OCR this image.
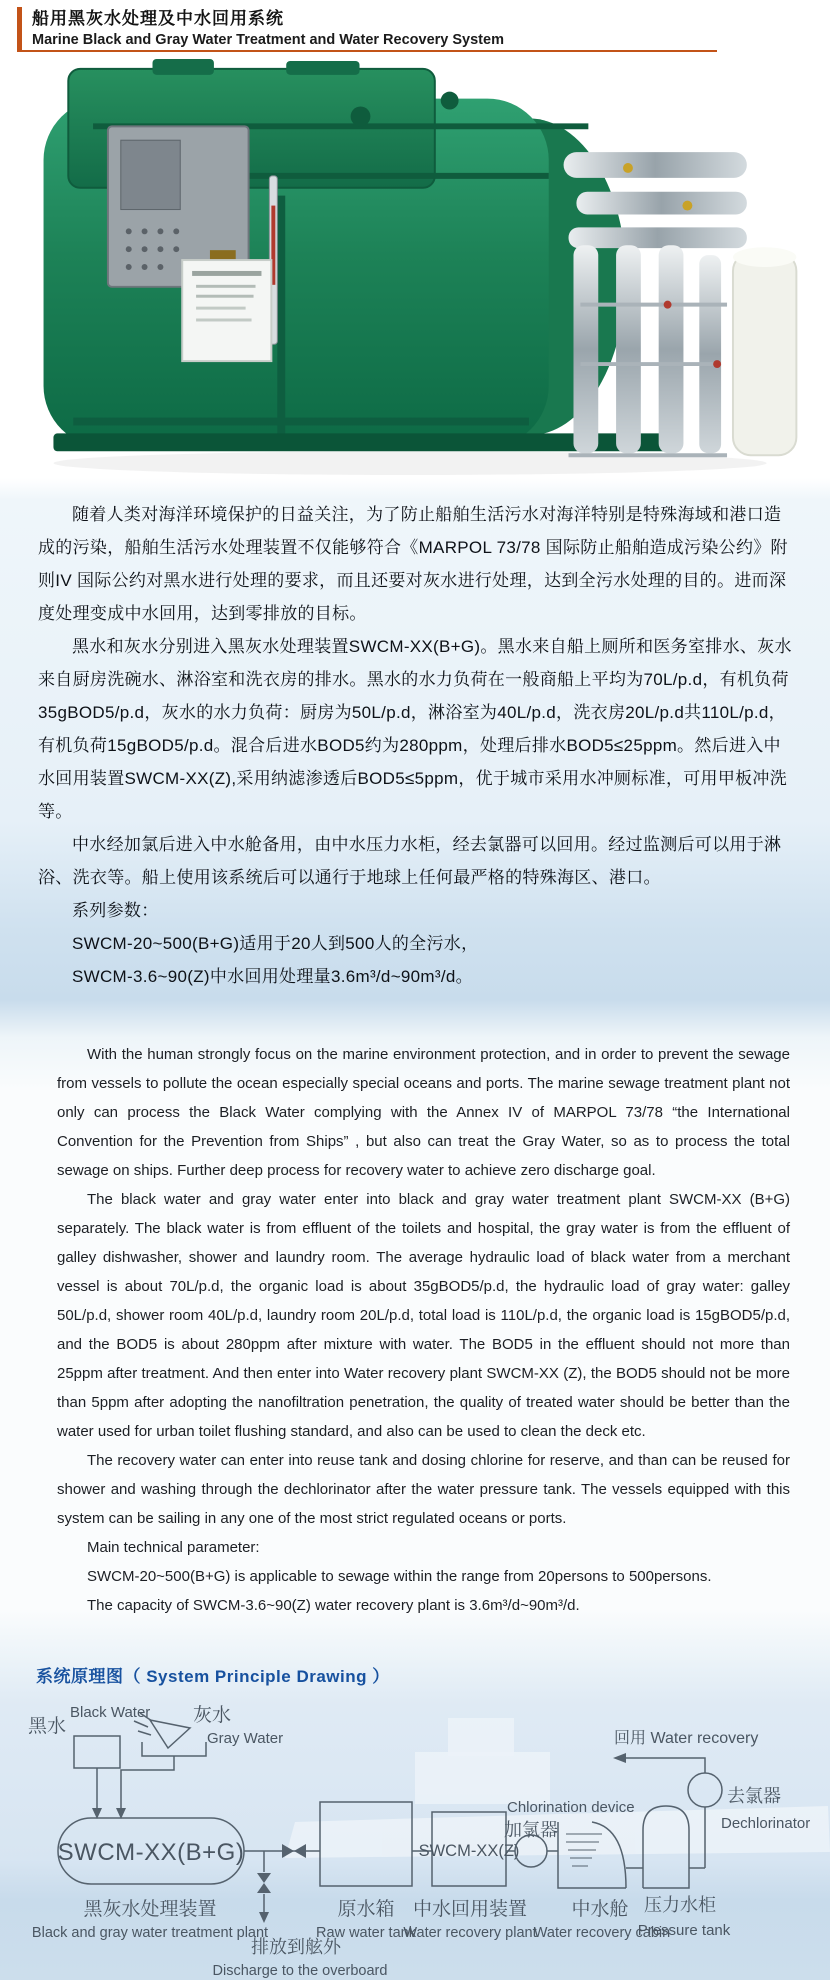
船用黑灰水处理及中水回用系统
Marine Black and Gray Water Treatment and Water Recovery System

随着人类对海洋环境保护的日益关注，为了防止船舶生活污水对海洋特别是特殊海域和港口造成的污染，船舶生活污水处理装置不仅能够符合《MARPOL 73/78 国际防止船舶造成污染公约》附则IV 国际公约对黑水进行处理的要求，而且还要对灰水进行处理，达到全污水处理的目的。进而深度处理变成中水回用，达到零排放的目标。

黑水和灰水分别进入黑灰水处理装置SWCM-XX(B+G)。黑水来自船上厕所和医务室排水、灰水来自厨房洗碗水、淋浴室和洗衣房的排水。黑水的水力负荷在一般商船上平均为70L/p.d，有机负荷35gBOD5/p.d，灰水的水力负荷：厨房为50L/p.d，淋浴室为40L/p.d，洗衣房20L/p.d共110L/p.d，有机负荷15gBOD5/p.d。混合后进水BOD5约为280ppm，处理后排水BOD5≤25ppm。然后进入中水回用装置SWCM-XX(Z),采用纳滤渗透后BOD5≤5ppm，优于城市采用水冲厕标准，可用甲板冲洗等。

中水经加氯后进入中水舱备用，由中水压力水柜，经去氯器可以回用。经过监测后可以用于淋浴、洗衣等。船上使用该系统后可以通行于地球上任何最严格的特殊海区、港口。

系列参数：

SWCM-20~500(B+G)适用于20人到500人的全污水，

SWCM-3.6~90(Z)中水回用处理量3.6m³/d~90m³/d。

With the human strongly focus on the marine environment protection, and in order to prevent the sewage from vessels to pollute the ocean especially special oceans and ports. The marine sewage treatment plant not only can process the Black Water complying with the Annex IV of MARPOL 73/78 “the International Convention for the Prevention from Ships” , but also can treat the Gray Water, so as to process the total sewage on ships. Further deep process for recovery water to achieve zero discharge goal.

The black water and gray water enter into black and gray water treatment plant SWCM-XX (B+G) separately. The black water is from effluent of the toilets and hospital, the gray water is from the effluent of galley dishwasher, shower and laundry room. The average hydraulic load of black water from a merchant vessel is about 70L/p.d, the organic load is about 35gBOD5/p.d, the hydraulic load of gray water: galley 50L/p.d, shower room 40L/p.d, laundry room 20L/p.d, total load is 110L/p.d, the organic load is 15gBOD5/p.d, and the BOD5 is about 280ppm after mixture with water. The BOD5 in the effluent should not more than 25ppm after treatment. And then enter into Water recovery plant SWCM-XX (Z), the BOD5 should not be more than 5ppm after adopting the nanofiltration penetration, the quality of treated water should be better than the water used for urban toilet flushing standard, and also can be used to clean the deck etc.

The recovery water can enter into reuse tank and dosing chlorine for reserve, and than can be reused for shower and washing through the dechlorinator after the water pressure tank. The vessels equipped with this system can be sailing in any one of the most strict regulated oceans or ports.

Main technical parameter:

SWCM-20~500(B+G) is applicable to sewage within the range from 20persons to 500persons.

The capacity of SWCM-3.6~90(Z) water recovery plant is 3.6m³/d~90m³/d.

系统原理图（ System Principle Drawing ）
黑水
Black Water 灰水
Gray Water
SWCM-XX(B+G)
黑灰水处理装置
Black and gray water treatment plant
排放到舷外
Discharge to the overboard
原水箱
Raw water tank
SWCM-XX(Z)
中水回用装置
Water recovery plant
Chlorination device
加氯器
中水舱
Water recovery cabin
压力水柜
Pressure tank
去氯器
Dechlorinator
回用 Water recovery
